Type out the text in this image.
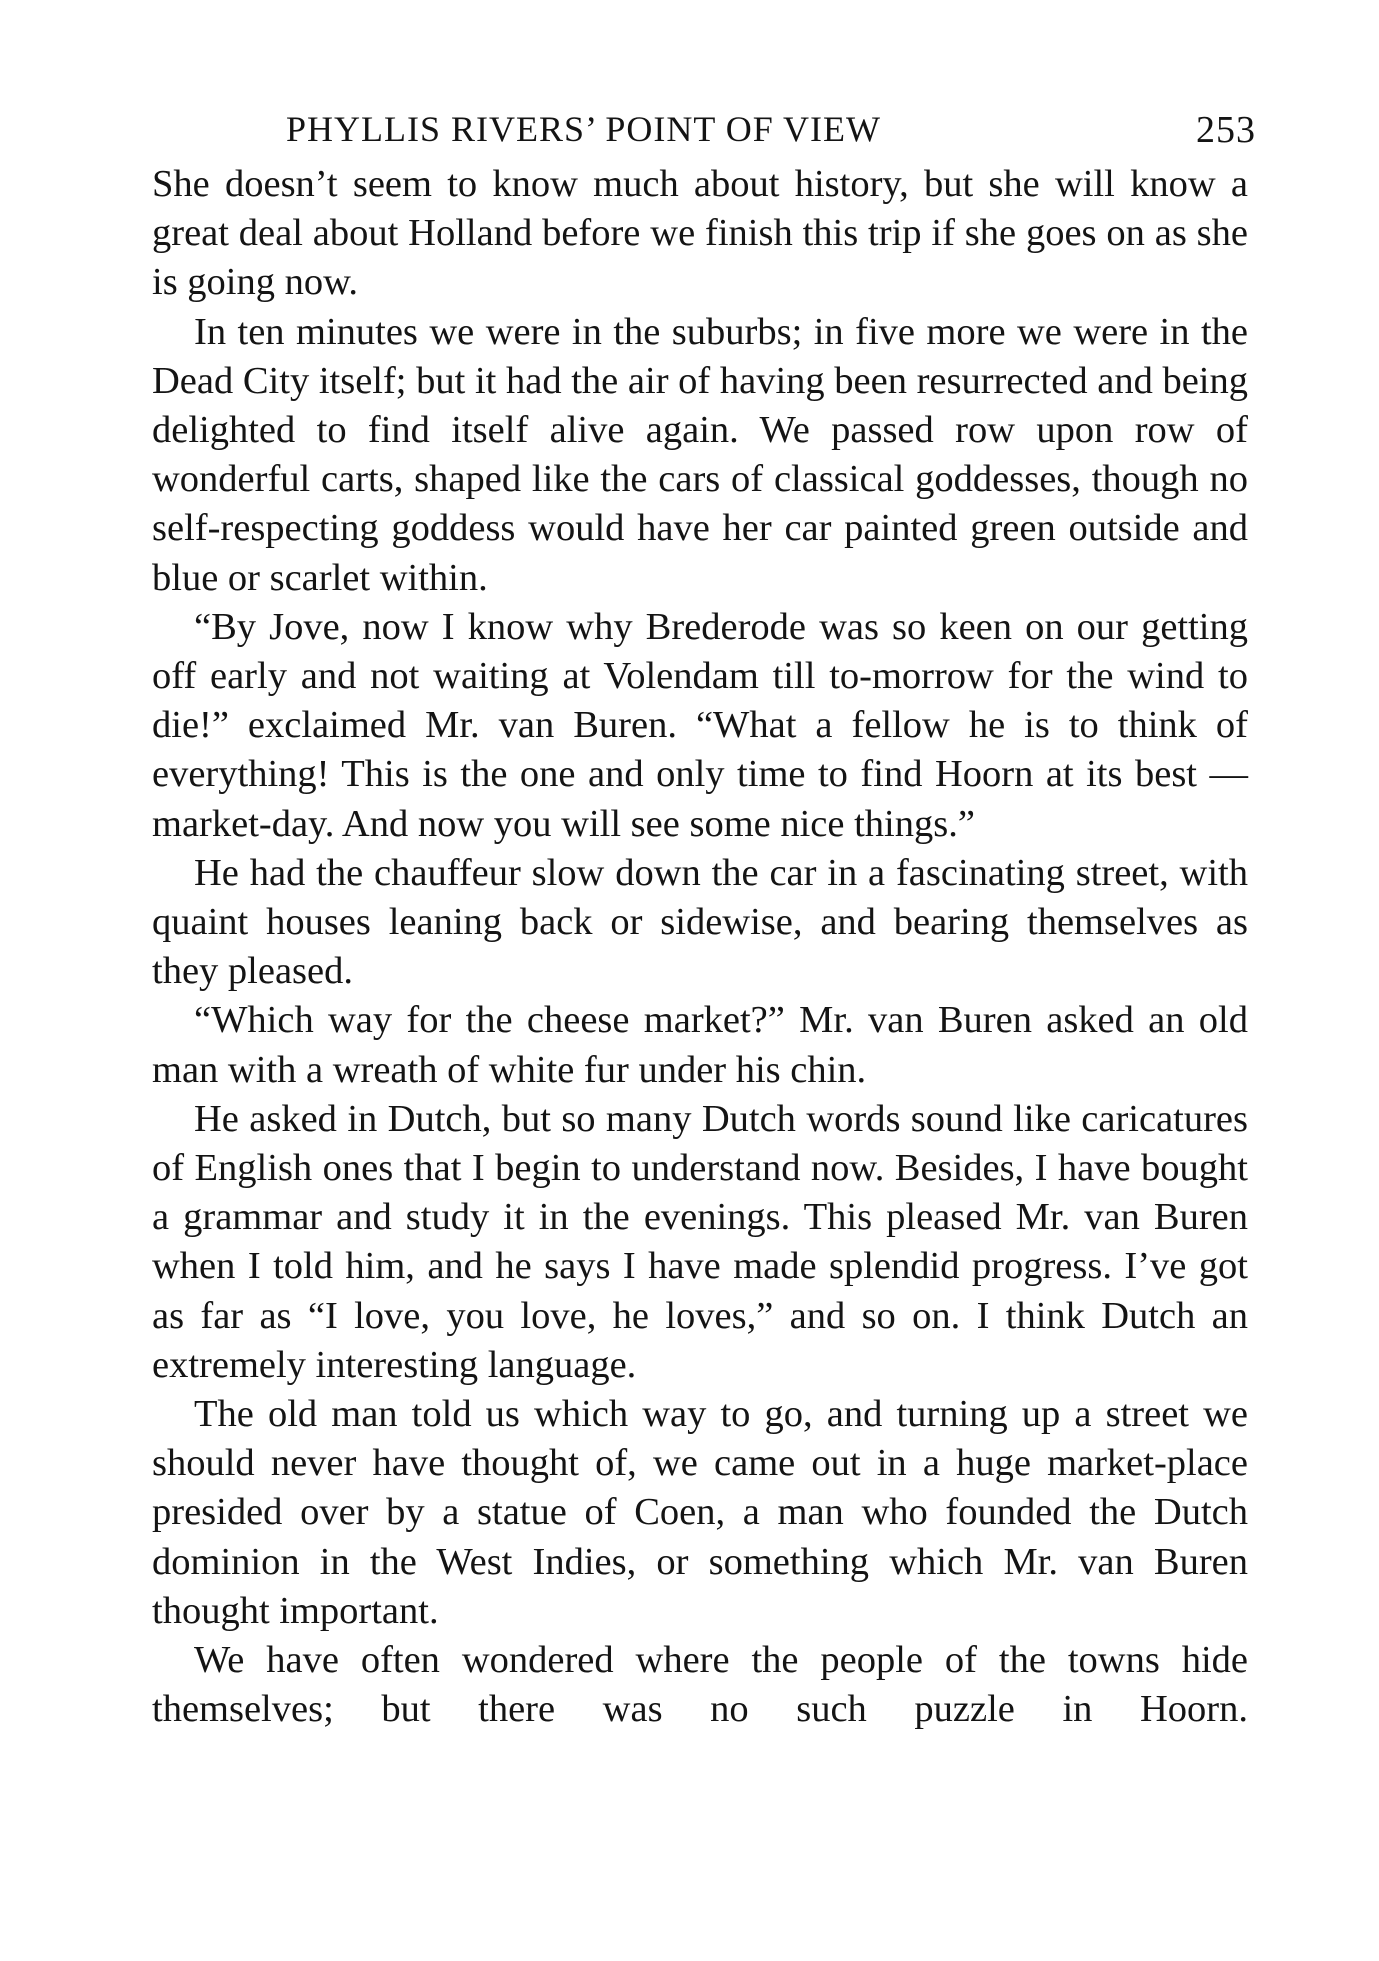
PHYLLIS RIVERS’ POINT OF VIEW	253

She doesn’t seem to know much about history, but she will know a great deal about Holland before we finish this trip if she goes on as she is going now.

In ten minutes we were in the suburbs; in five more we were in the Dead City itself; but it had the air of having been resurrected and being delighted to find itself alive again. We passed row upon row of wonderful carts, shaped like the cars of classical goddesses, though no self-respecting goddess would have her car painted green outside and blue or scarlet within.

“By Jove, now I know why Brederode was so keen on our getting off early and not waiting at Volendam till to-morrow for the wind to die!” exclaimed Mr. van Buren. “What a fellow he is to think of everything! This is the one and only time to find Hoorn at its best — market-day. And now you will see some nice things.”

He had the chauffeur slow down the car in a fascinating street, with quaint houses leaning back or sidewise, and bearing themselves as they pleased.

“Which way for the cheese market?” Mr. van Buren asked an old man with a wreath of white fur under his chin.

He asked in Dutch, but so many Dutch words sound like caricatures of English ones that I begin to understand now. Besides, I have bought a grammar and study it in the evenings. This pleased Mr. van Buren when I told him, and he says I have made splendid progress. I’ve got as far as “I love, you love, he loves,” and so on. I think Dutch an extremely interesting language.

The old man told us which way to go, and turning up a street we should never have thought of, we came out in a huge market-place presided over by a statue of Coen, a man who founded the Dutch dominion in the West Indies, or something which Mr. van Buren thought important.

We have often wondered where the people of the towns hide themselves; but there was no such puzzle in Hoorn.
